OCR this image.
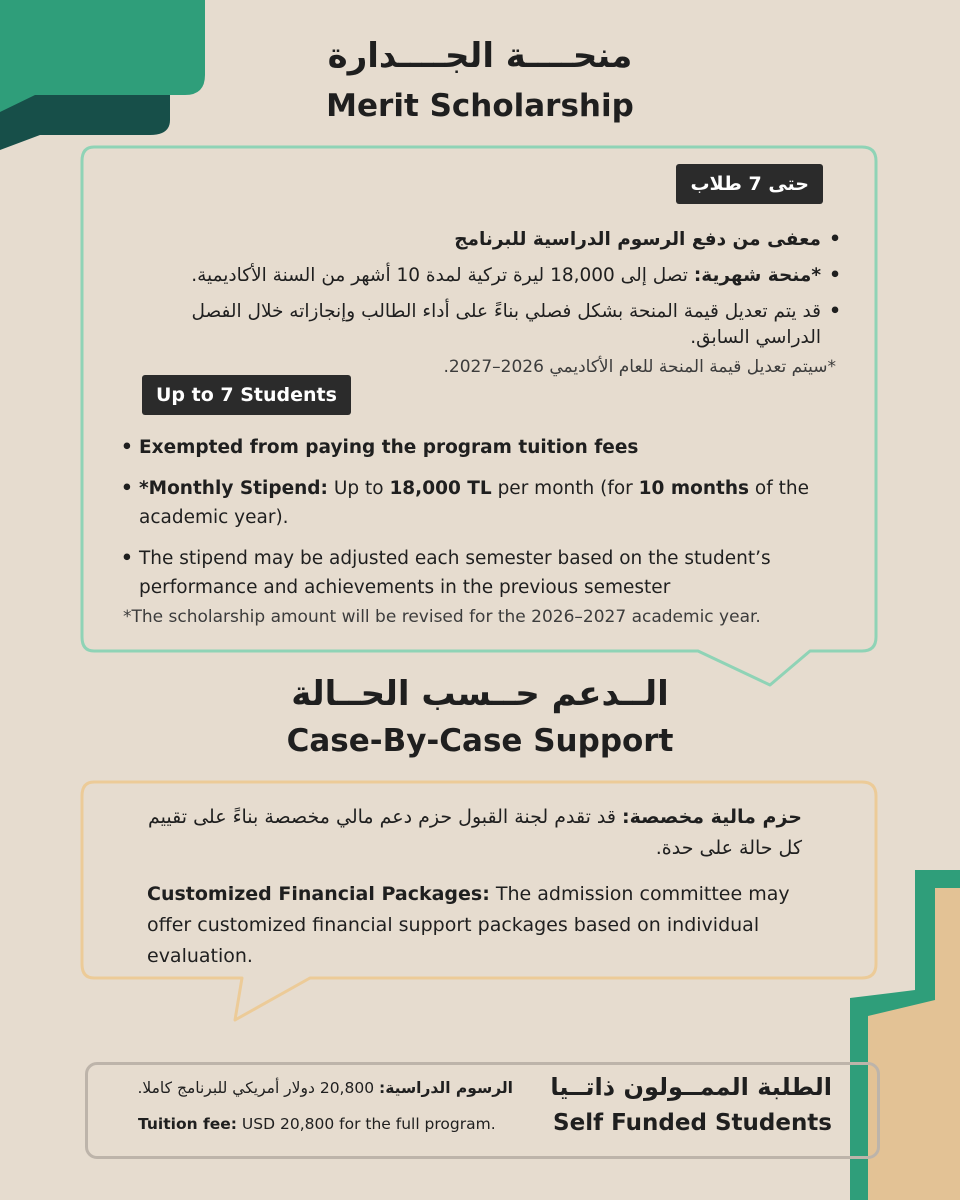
منحــــة الجــــدارة
Merit Scholarship
حتى 7 طلاب
• معفى من دفع الرسوم الدراسية للبرنامج
• *منحة شهرية: تصل إلى 18,000 ليرة تركية لمدة 10 أشهر من السنة الأكاديمية.
• قد يتم تعديل قيمة المنحة بشكل فصلي بناءً على أداء الطالب وإنجازاته خلال الفصل الدراسي السابق.
*سيتم تعديل قيمة المنحة للعام الأكاديمي 2026–2027.
Up to 7 Students
• Exempted from paying the program tuition fees
• *Monthly Stipend: Up to 18,000 TL per month (for 10 months of the academic year).
• The stipend may be adjusted each semester based on the student’s performance and achievements in the previous semester
*The scholarship amount will be revised for the 2026–2027 academic year.
الــدعم حــسب الحــالة
Case-By-Case Support
حزم مالية مخصصة: قد تقدم لجنة القبول حزم دعم مالي مخصصة بناءً على تقييم كل حالة على حدة.
Customized Financial Packages: The admission committee may offer customized financial support packages based on individual evaluation.
الرسوم الدراسية: 20,800 دولار أمريكي للبرنامج كاملا.
Tuition fee: USD 20,800 for the full program.
الطلبة الممــولون ذاتــيا
Self Funded Students
